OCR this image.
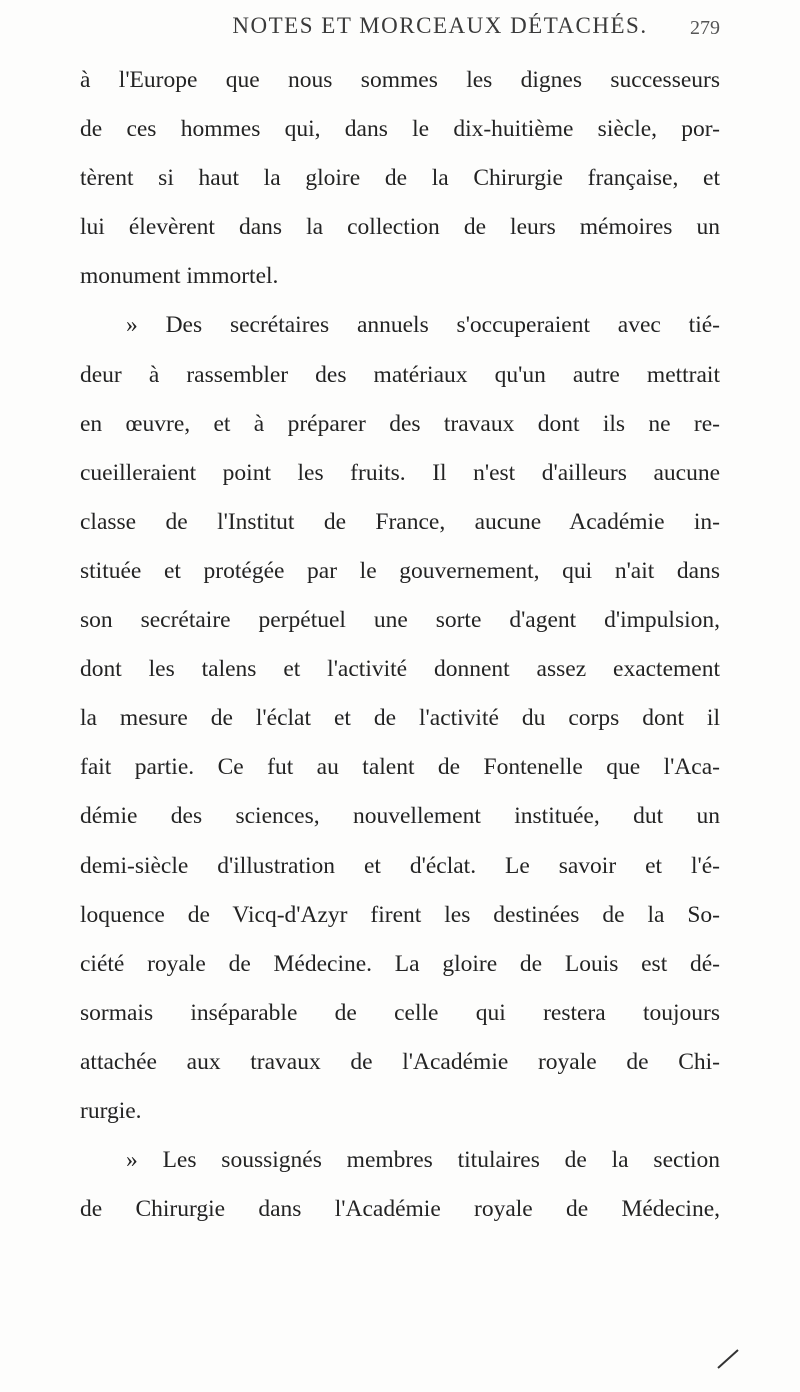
NOTES ET MORCEAUX DÉTACHÉS.	279
à l'Europe que nous sommes les dignes successeurs
de ces hommes qui, dans le dix-huitième siècle, por-
tèrent si haut la gloire de la Chirurgie française, et
lui élevèrent dans la collection de leurs mémoires un
monument immortel.
» Des secrétaires annuels s'occuperaient avec tié-
deur à rassembler des matériaux qu'un autre mettrait
en œuvre, et à préparer des travaux dont ils ne re-
cueilleraient point les fruits. Il n'est d'ailleurs aucune
classe de l'Institut de France, aucune Académie in-
stituée et protégée par le gouvernement, qui n'ait dans
son secrétaire perpétuel une sorte d'agent d'impulsion,
dont les talens et l'activité donnent assez exactement
la mesure de l'éclat et de l'activité du corps dont il
fait partie. Ce fut au talent de Fontenelle que l'Aca-
démie des sciences, nouvellement instituée, dut un
demi-siècle d'illustration et d'éclat. Le savoir et l'é-
loquence de Vicq-d'Azyr firent les destinées de la So-
ciété royale de Médecine. La gloire de Louis est dé-
sormais inséparable de celle qui restera toujours
attachée aux travaux de l'Académie royale de Chi-
rurgie.
» Les soussignés membres titulaires de la section
de Chirurgie dans l'Académie royale de Médecine,
